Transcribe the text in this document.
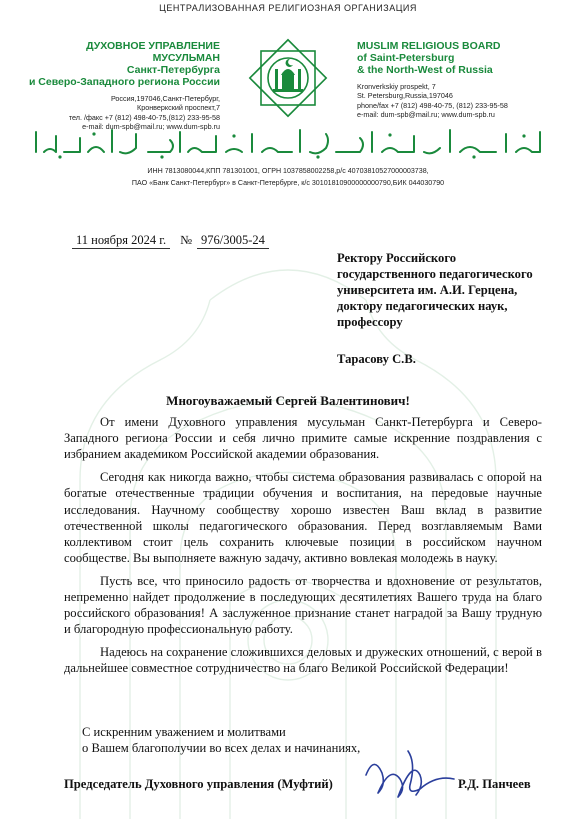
ЦЕНТРАЛИЗОВАННАЯ РЕЛИГИОЗНАЯ ОРГАНИЗАЦИЯ
ДУХОВНОЕ УПРАВЛЕНИЕ МУСУЛЬМАН
Санкт-Петербурга
и Северо-Западного региона России
Россия,197046,Санкт-Петербург,
Кронверкский проспект,7
тел. /факс +7 (812) 498-40-75,(812) 233-95-58
e-mail: dum-spb@mail.ru; www.dum-spb.ru
MUSLIM RELIGIOUS BOARD
of Saint-Petersburg
& the North-West of Russia
Kronverkskiy prospekt, 7
St. Petersburg,Russia,197046
phone/fax +7 (812) 498-40-75, (812) 233-95-58
e-mail: dum-spb@mail.ru; www.dum-spb.ru
ИНН 7813080044,КПП 781301001, ОГРН 1037858002258,р/с 40703810527000003738,
ПАО «Банк Санкт-Петербург» в Санкт-Петербурге, к/с 30101810900000000790,БИК 044030790
11 ноября 2024 г. № 976/3005-24
Ректору Российского государственного педагогического университета им. А.И. Герцена, доктору педагогических наук, профессору
Тарасову С.В.
Многоуважаемый Сергей Валентинович!

От имени Духовного управления мусульман Санкт-Петербурга и Северо-Западного региона России и себя лично примите самые искренние поздравления с избранием академиком Российской академии образования.

Сегодня как никогда важно, чтобы система образования развивалась с опорой на богатые отечественные традиции обучения и воспитания, на передовые научные исследования. Научному сообществу хорошо известен Ваш вклад в развитие отечественной школы педагогического образования. Перед возглавляемым Вами коллективом стоит цель сохранить ключевые позиции в российском научном сообществе. Вы выполняете важную задачу, активно вовлекая молодежь в науку.

Пусть все, что приносило радость от творчества и вдохновение от результатов, непременно найдет продолжение в последующих десятилетиях Вашего труда на благо российского образования! А заслуженное признание станет наградой за Вашу трудную и благородную профессиональную работу.

Надеюсь на сохранение сложившихся деловых и дружеских отношений, с верой в дальнейшее совместное сотрудничество на благо Великой Российской Федерации!

С искренним уважением и молитвами
о Вашем благополучии во всех делах и начинаниях,
Председатель Духовного управления (Муфтий)	Р.Д. Панчеев
